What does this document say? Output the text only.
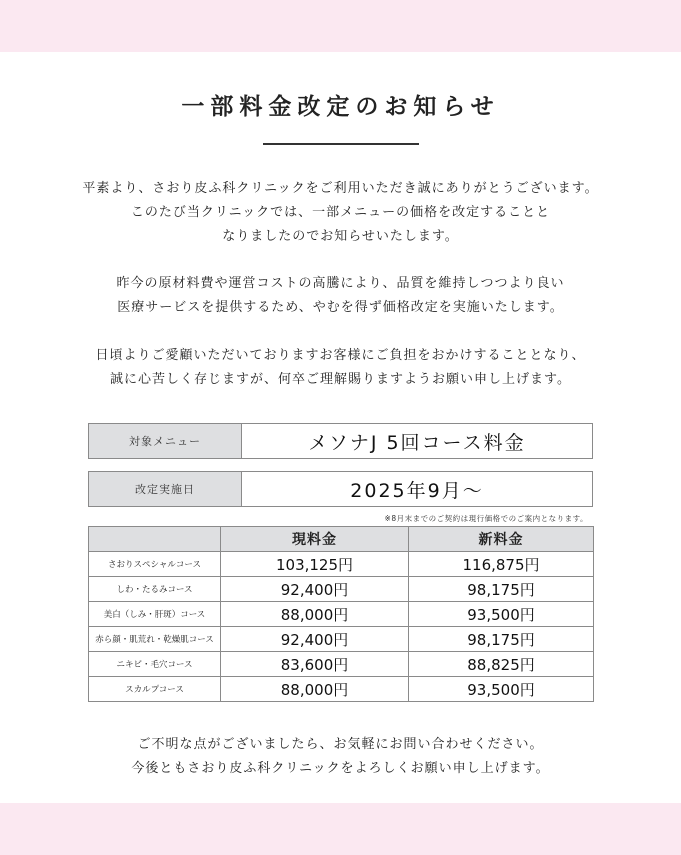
一部料金改定のお知らせ
平素より、さおり皮ふ科クリニックをご利用いただき誠にありがとうございます。
このたび当クリニックでは、一部メニューの価格を改定することと
なりましたのでお知らせいたします。
昨今の原材料費や運営コストの高騰により、品質を維持しつつより良い
医療サービスを提供するため、やむを得ず価格改定を実施いたします。
日頃よりご愛顧いただいておりますお客様にご負担をおかけすることとなり、
誠に心苦しく存じますが、何卒ご理解賜りますようお願い申し上げます。
対象メニュー	メソナJ 5回コース料金
改定実施日	2025年9月〜
※8月末までのご契約は現行価格でのご案内となります。
	現料金	新料金
さおりスペシャルコース	103,125円	116,875円
しわ・たるみコース	92,400円	98,175円
美白（しみ・肝斑）コース	88,000円	93,500円
赤ら顔・肌荒れ・乾燥肌コース	92,400円	98,175円
ニキビ・毛穴コース	83,600円	88,825円
スカルプコース	88,000円	93,500円
ご不明な点がございましたら、お気軽にお問い合わせください。
今後ともさおり皮ふ科クリニックをよろしくお願い申し上げます。
